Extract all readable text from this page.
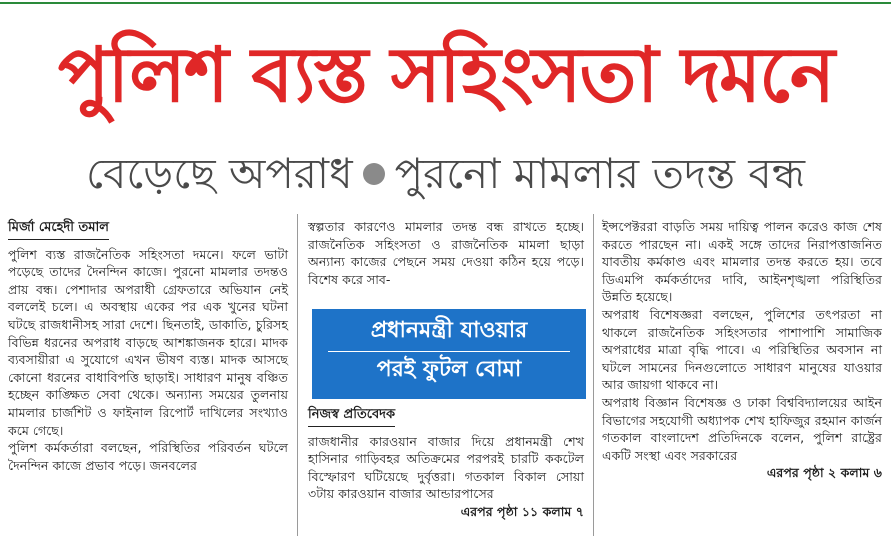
পুলিশ ব্যস্ত সহিংসতা দমনে
বেড়েছে অপরাধ পুরনো মামলার তদন্ত বন্ধ
মির্জা মেহেদী তমাল

পুলিশ ব্যস্ত রাজনৈতিক সহিংসতা দমনে। ফলে ভাটা পড়েছে তাদের দৈনন্দিন কাজে। পুরনো মামলার তদন্তও প্রায় বন্ধ। পেশাদার অপরাধী গ্রেফতারে অভিযান নেই বললেই চলে। এ অবস্থায় একের পর এক খুনের ঘটনা ঘটছে রাজধানীসহ সারা দেশে। ছিনতাই, ডাকাতি, চুরিসহ বিভিন্ন ধরনের অপরাধ বাড়ছে আশঙ্কাজনক হারে। মাদক ব্যবসায়ীরা এ সুযোগে এখন ভীষণ ব্যস্ত। মাদক আসছে কোনো ধরনের বাধাবিপত্তি ছাড়াই। সাধারণ মানুষ বঞ্চিত হচ্ছেন কাঙ্ক্ষিত সেবা থেকে। অন্যান্য সময়ের তুলনায় মামলার চার্জশিট ও ফাইনাল রিপোর্ট দাখিলের সংখ্যাও কমে গেছে।

পুলিশ কর্মকর্তারা বলছেন, পরিস্থিতির পরিবর্তন ঘটলে দৈনন্দিন কাজে প্রভাব পড়ে। জনবলের

স্বল্পতার কারণেও মামলার তদন্ত বন্ধ রাখতে হচ্ছে। রাজনৈতিক সহিংসতা ও রাজনৈতিক মামলা ছাড়া অন্যান্য কাজের পেছনে সময় দেওয়া কঠিন হয়ে পড়ে। বিশেষ করে সাব-

প্রধানমন্ত্রী যাওয়ার
পরই ফুটল বোমা
নিজস্ব প্রতিবেদক

রাজধানীর কারওয়ান বাজার দিয়ে প্রধানমন্ত্রী শেখ হাসিনার গাড়িবহর অতিক্রমের পরপরই চারটি ককটেল বিস্ফোরণ ঘটিয়েছে দুর্বৃত্তরা। গতকাল বিকাল সোয়া ৩টায় কারওয়ান বাজার আন্ডারপাসের

এরপর পৃষ্ঠা ১১ কলাম ৭

ইন্সপেক্টররা বাড়তি সময় দায়িত্ব পালন করেও কাজ শেষ করতে পারছেন না। একই সঙ্গে তাদের নিরাপত্তাজনিত যাবতীয় কর্মকাণ্ড এবং মামলার তদন্ত করতে হয়। তবে ডিএমপি কর্মকর্তাদের দাবি, আইনশৃঙ্খলা পরিস্থিতির উন্নতি হয়েছে।

অপরাধ বিশেষজ্ঞরা বলছেন, পুলিশের তৎপরতা না থাকলে রাজনৈতিক সহিংসতার পাশাপাশি সামাজিক অপরাধের মাত্রা বৃদ্ধি পাবে। এ পরিস্থিতির অবসান না ঘটলে সামনের দিনগুলোতে সাধারণ মানুষের যাওয়ার আর জায়গা থাকবে না।

অপরাধ বিজ্ঞান বিশেষজ্ঞ ও ঢাকা বিশ্ববিদ্যালয়ের আইন বিভাগের সহযোগী অধ্যাপক শেখ হাফিজুর রহমান কার্জন গতকাল বাংলাদেশ প্রতিদিনকে বলেন, পুলিশ রাষ্ট্রের একটি সংস্থা এবং সরকারের

এরপর পৃষ্ঠা ২ কলাম ৬
